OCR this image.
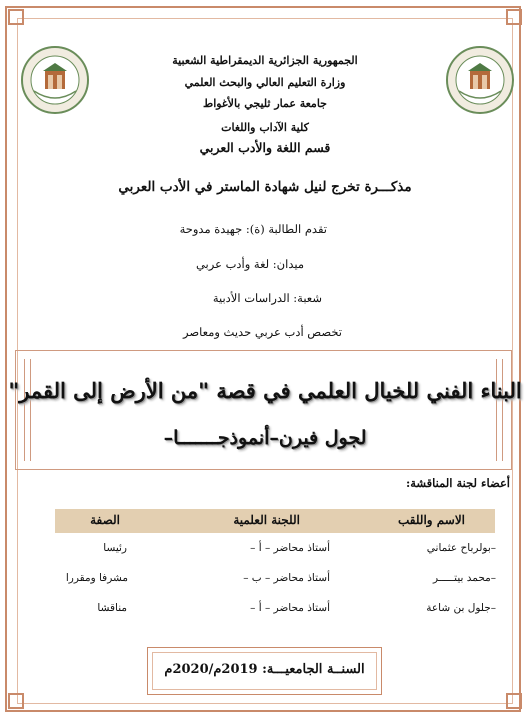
الجمهورية الجزائرية الديمقراطية الشعبية
وزارة التعليم العالي والبحث العلمي
جامعة عمار ثليجي بالأغواط
كلية الآداب واللغات
قسم اللغة والأدب العربي
مذكـــرة تخرج لنيل شهادة الماستر في الأدب العربي
تقدم الطالبة (ة): جهيدة مدوحة
ميدان: لغة وأدب عربي
شعبة: الدراسات الأدبية
تخصص أدب عربي حديث ومعاصر
البناء الفني للخيال العلمي في قصة "من الأرض إلى القمر"
لجول فيرن–أنموذجـــــــا–
أعضاء لجنة المناقشة:
الاسم واللقب
اللجنة العلمية
الصفة
–بولرباح عثماني
أستاذ محاضر – أ –
رئيسا
–محمد بيتـــــر
أستاذ محاضر – ب –
مشرفا ومقررا
–جلول بن شاعة
أستاذ محاضر – أ –
مناقشا
السنــة الجامعيـــة: 2019م/2020م
